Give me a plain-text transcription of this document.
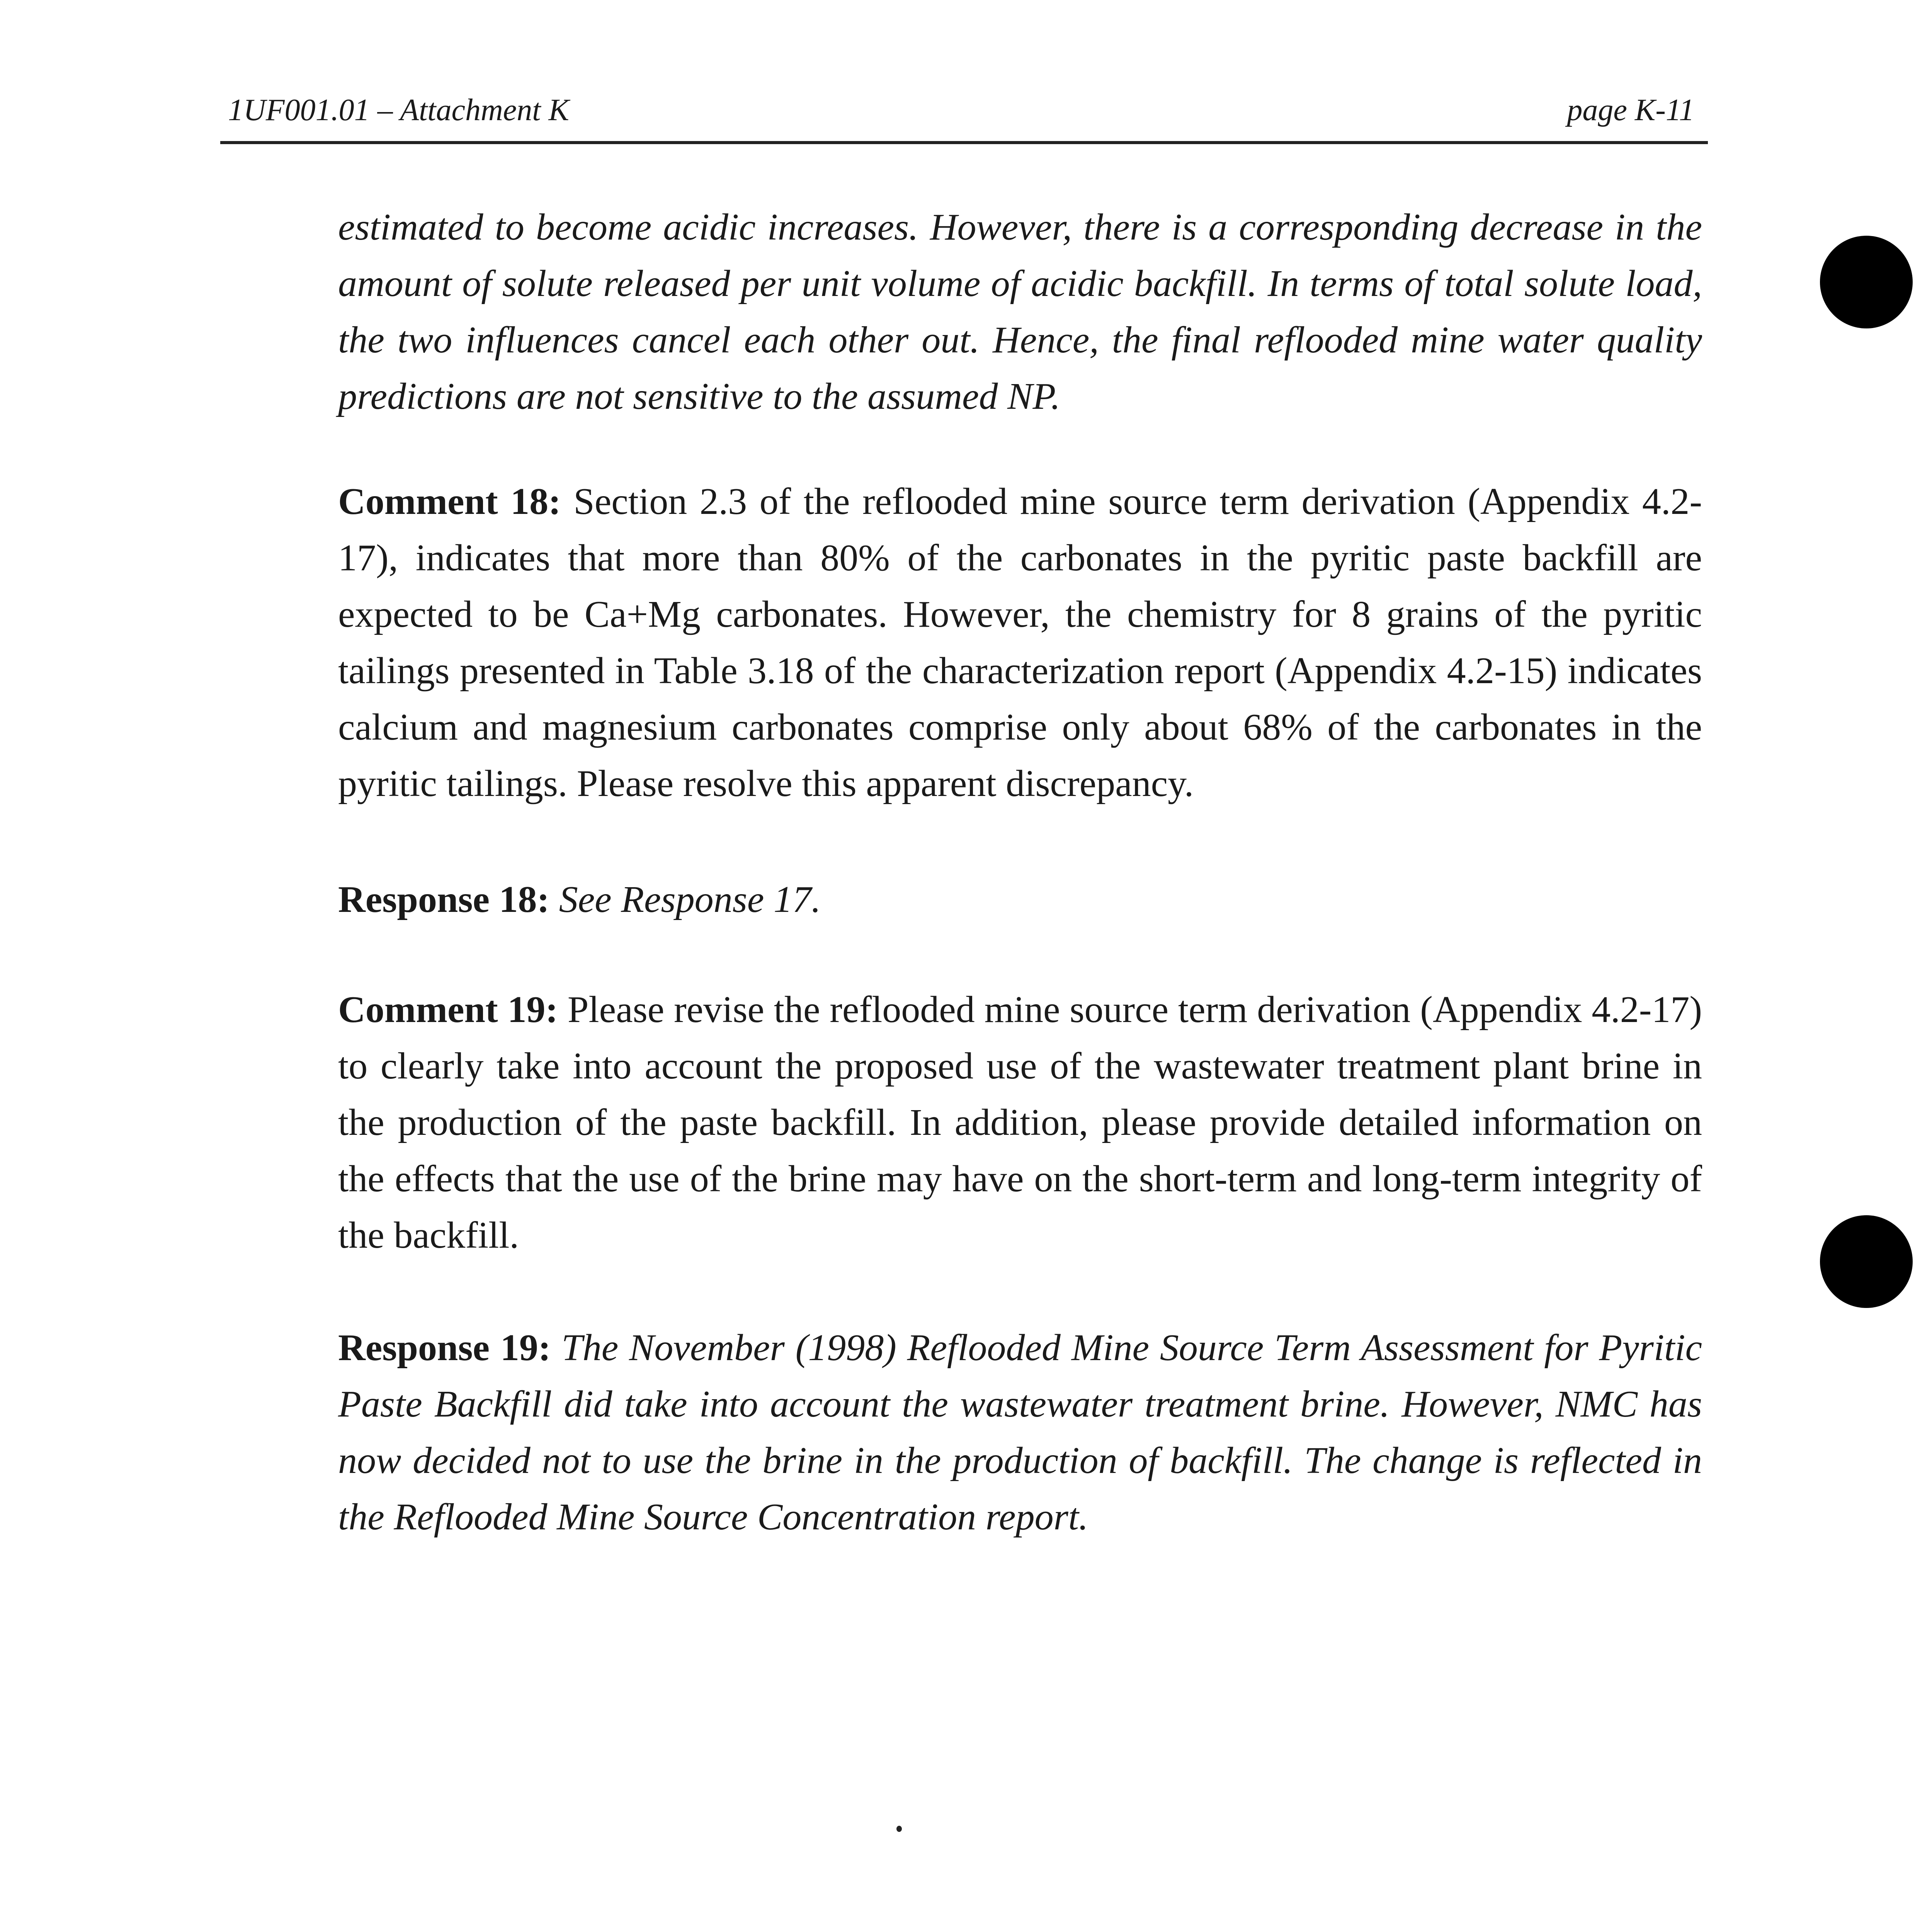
1UF001.01 – Attachment K	page K-11

estimated to become acidic increases. However, there is a corresponding decrease in the amount of solute released per unit volume of acidic backfill. In terms of total solute load, the two influences cancel each other out. Hence, the final reflooded mine water quality predictions are not sensitive to the assumed NP.

Comment 18: Section 2.3 of the reflooded mine source term derivation (Appendix 4.2-17), indicates that more than 80% of the carbonates in the pyritic paste backfill are expected to be Ca+Mg carbonates. However, the chemistry for 8 grains of the pyritic tailings presented in Table 3.18 of the characterization report (Appendix 4.2-15) indicates calcium and magnesium carbonates comprise only about 68% of the carbonates in the pyritic tailings. Please resolve this apparent discrepancy.

Response 18: See Response 17.

Comment 19: Please revise the reflooded mine source term derivation (Appendix 4.2-17) to clearly take into account the proposed use of the wastewater treatment plant brine in the production of the paste backfill. In addition, please provide detailed information on the effects that the use of the brine may have on the short-term and long-term integrity of the backfill.

Response 19: The November (1998) Reflooded Mine Source Term Assessment for Pyritic Paste Backfill did take into account the wastewater treatment brine. However, NMC has now decided not to use the brine in the production of backfill. The change is reflected in the Reflooded Mine Source Concentration report.
